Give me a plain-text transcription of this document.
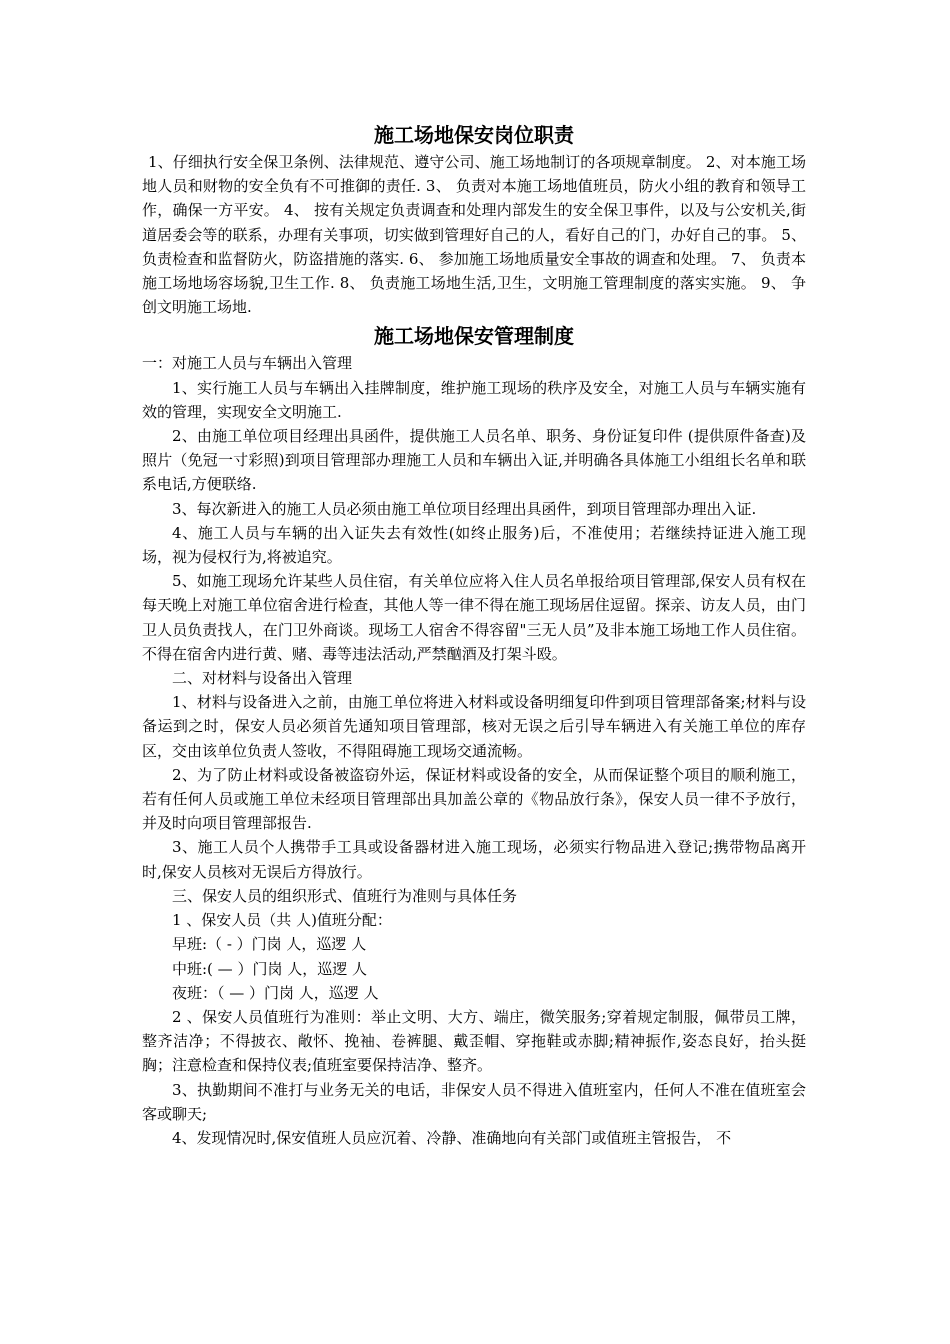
施工场地保安岗位职责

1、仔细执行安全保卫条例、法律规范、遵守公司、施工场地制订的各项规章制度。 2、对本施工场地人员和财物的安全负有不可推御的责任. 3、 负责对本施工场地值班员，防火小组的教育和领导工作，确保一方平安。 4、 按有关规定负责调查和处理内部发生的安全保卫事件，以及与公安机关,街道居委会等的联系，办理有关事项，切实做到管理好自己的人，看好自己的门，办好自己的事。 5、 负责检查和监督防火，防盗措施的落实. 6、 参加施工场地质量安全事故的调查和处理。 7、 负责本施工场地场容场貌,卫生工作. 8、 负责施工场地生活,卫生，文明施工管理制度的落实实施。 9、 争创文明施工场地.

施工场地保安管理制度

一：对施工人员与车辆出入管理

1、实行施工人员与车辆出入挂牌制度，维护施工现场的秩序及安全，对施工人员与车辆实施有效的管理，实现安全文明施工.

2、由施工单位项目经理出具函件，提供施工人员名单、职务、身份证复印件 (提供原件备查)及照片（免冠一寸彩照)到项目管理部办理施工人员和车辆出入证,并明确各具体施工小组组长名单和联系电话,方便联络.

3、每次新进入的施工人员必须由施工单位项目经理出具函件，到项目管理部办理出入证.

4、施工人员与车辆的出入证失去有效性(如终止服务)后，不准使用；若继续持证进入施工现场，视为侵权行为,将被追究。

5、如施工现场允许某些人员住宿，有关单位应将入住人员名单报给项目管理部,保安人员有权在每天晚上对施工单位宿舍进行检查，其他人等一律不得在施工现场居住逗留。探亲、访友人员，由门卫人员负责找人，在门卫外商谈。现场工人宿舍不得容留"三无人员”及非本施工场地工作人员住宿。不得在宿舍内进行黄、赌、毒等违法活动,严禁酗酒及打架斗殴。

二、对材料与设备出入管理

1、材料与设备进入之前，由施工单位将进入材料或设备明细复印件到项目管理部备案;材料与设备运到之时，保安人员必须首先通知项目管理部，核对无误之后引导车辆进入有关施工单位的库存区，交由该单位负责人签收，不得阻碍施工现场交通流畅。

2、为了防止材料或设备被盗窃外运，保证材料或设备的安全，从而保证整个项目的顺利施工，若有任何人员或施工单位未经项目管理部出具加盖公章的《物品放行条》，保安人员一律不予放行，并及时向项目管理部报告.

3、施工人员个人携带手工具或设备器材进入施工现场，必须实行物品进入登记;携带物品离开时,保安人员核对无误后方得放行。

三、保安人员的组织形式、值班行为准则与具体任务

1 、保安人员（共 人)值班分配：

早班:（ - ）门岗 人，巡逻 人

中班:( — ）门岗 人，巡逻 人

夜班：（ — ）门岗 人，巡逻 人

2 、保安人员值班行为准则：举止文明、大方、端庄，微笑服务;穿着规定制服，佩带员工牌，整齐洁净；不得披衣、敞怀、挽袖、卷裤腿、戴歪帽、穿拖鞋或赤脚;精神振作,姿态良好，抬头挺胸；注意检查和保持仪表;值班室要保持洁净、整齐。

3、执勤期间不准打与业务无关的电话，非保安人员不得进入值班室内，任何人不准在值班室会客或聊天;

4、发现情况时,保安值班人员应沉着、冷静、准确地向有关部门或值班主管报告， 不
